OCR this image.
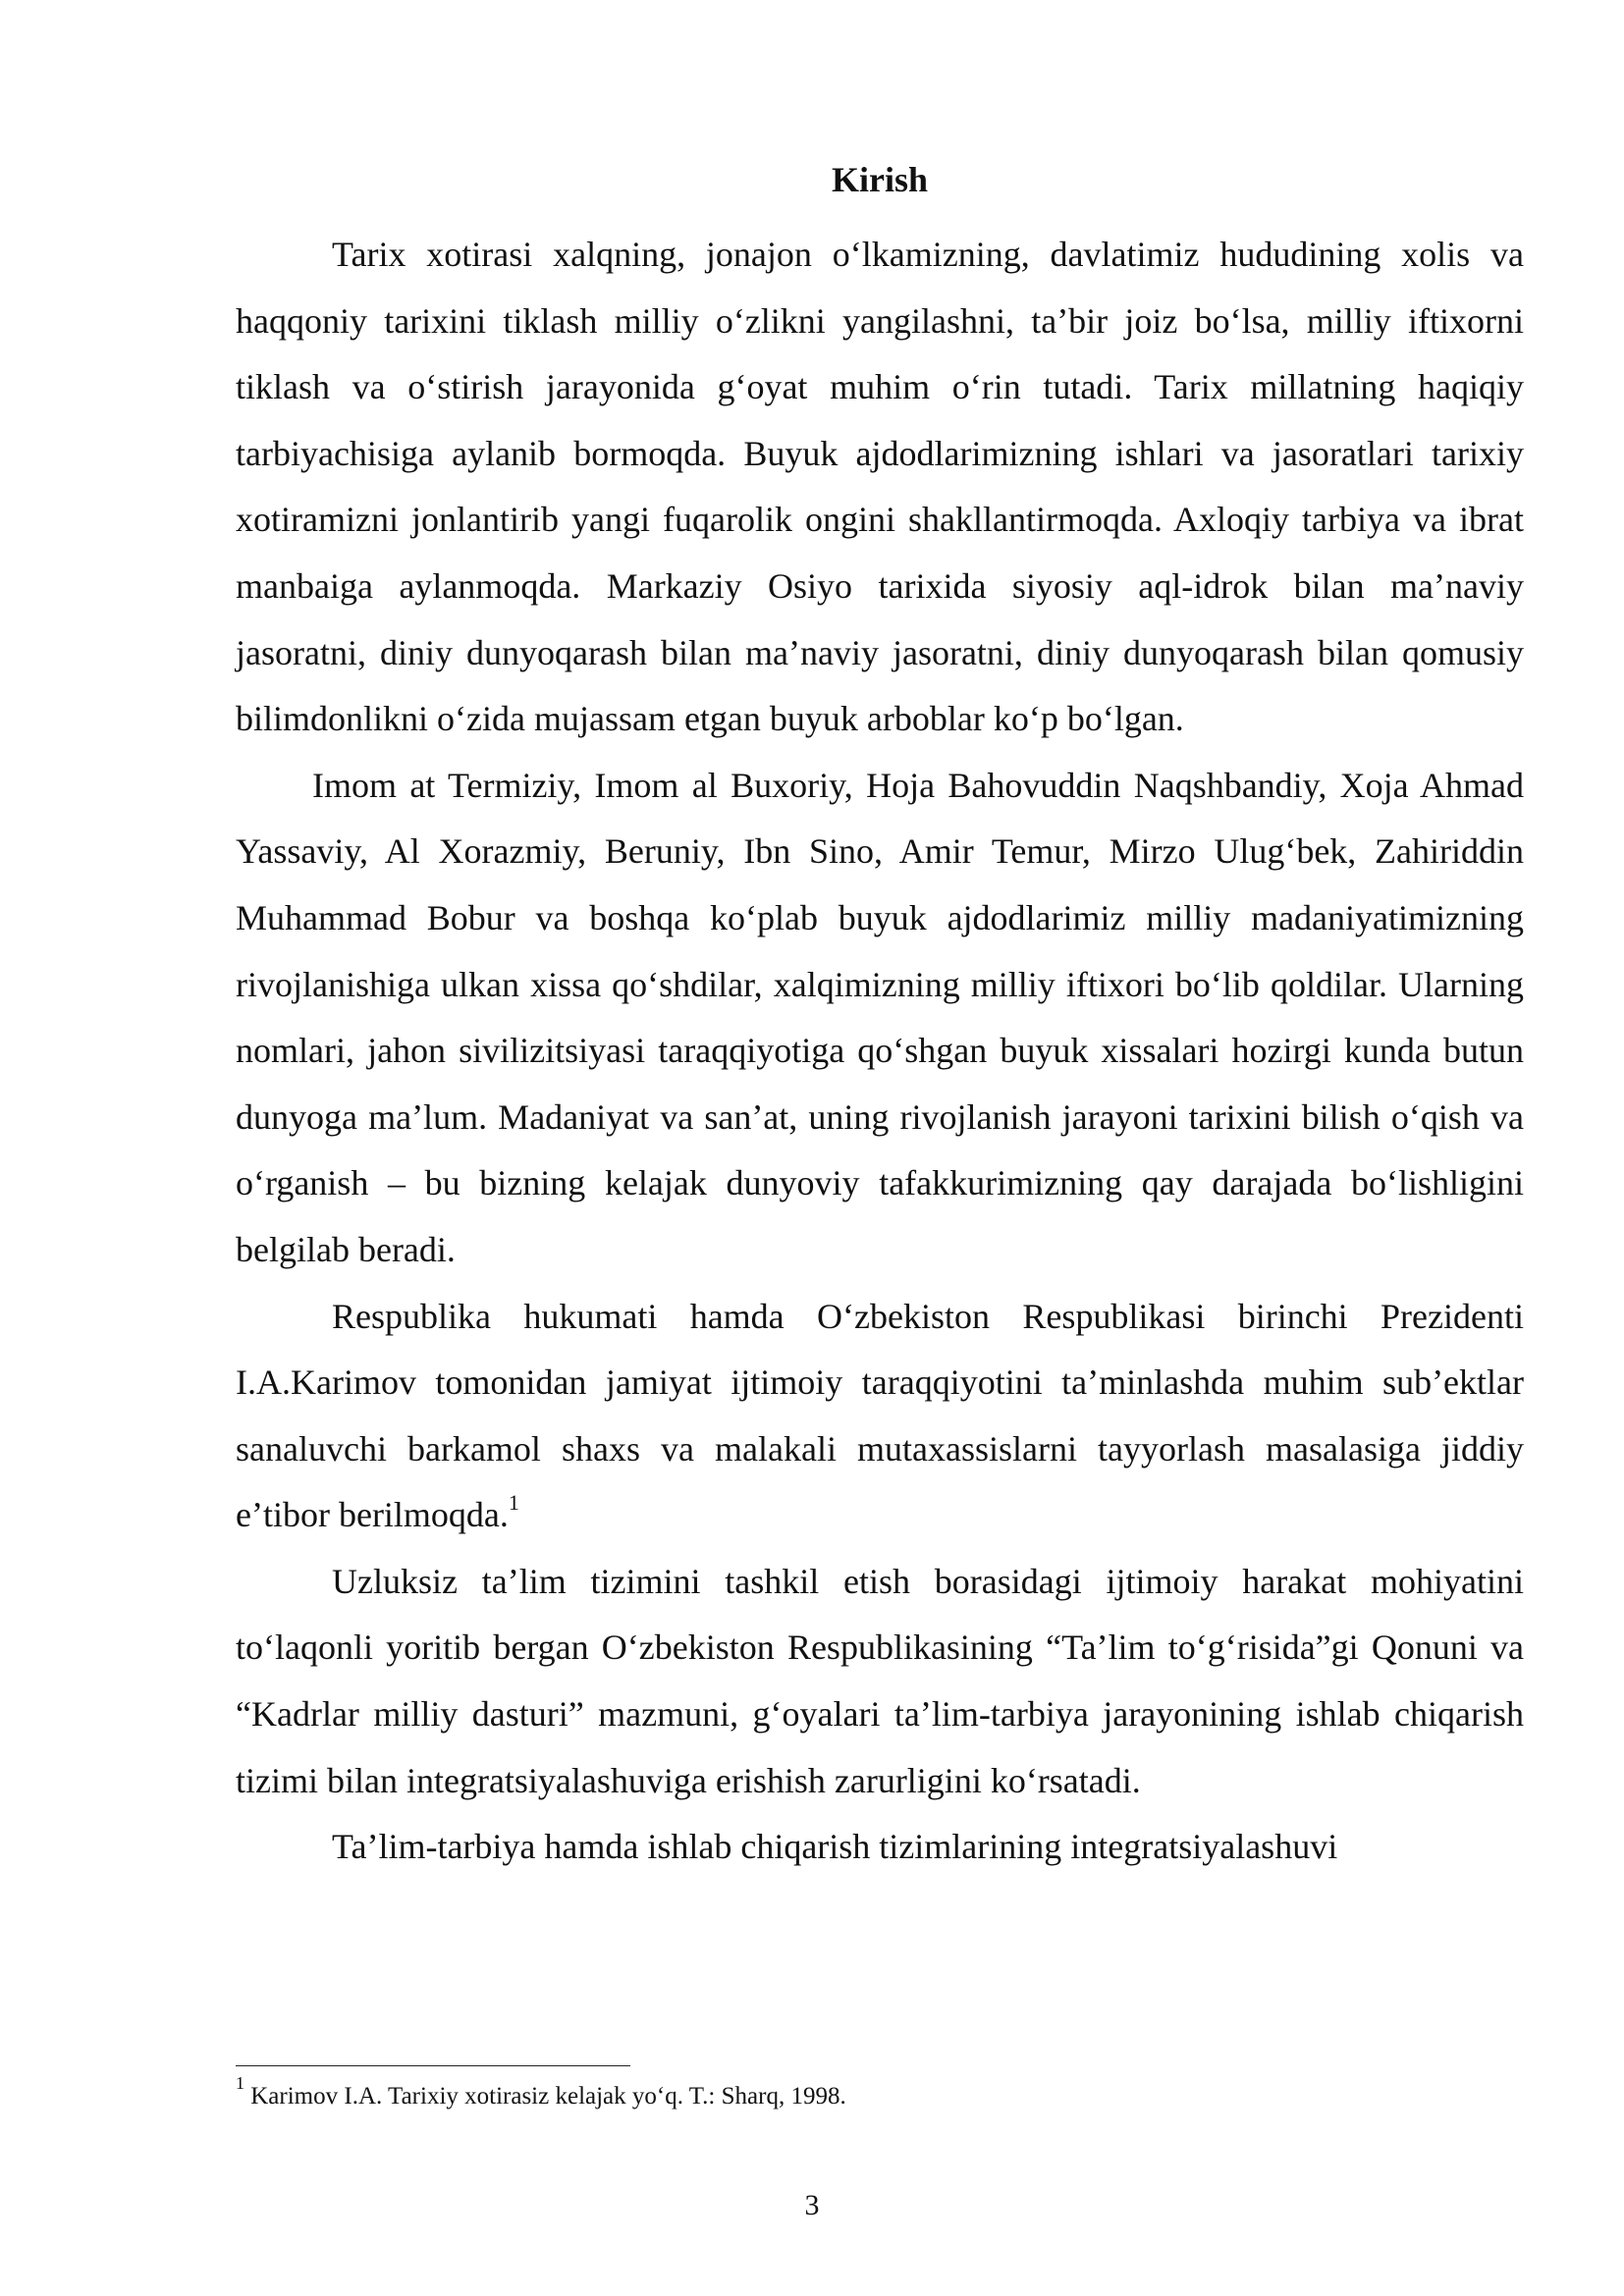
Kirish

Tarix xotirasi xalqning, jonajon oʻlkamizning, davlatimiz hududining xolis va haqqoniy tarixini tiklash milliy oʻzlikni yangilashni, taʼbir joiz boʻlsa, milliy iftixorni tiklash va oʻstirish jarayonida gʻoyat muhim oʻrin tutadi. Tarix millatning haqiqiy tarbiyachisiga aylanib bormoqda. Buyuk ajdodlarimizning ishlari va jasoratlari tarixiy xotiramizni jonlantirib yangi fuqarolik ongini shakllantirmoqda. Axloqiy tarbiya va ibrat manbaiga aylanmoqda. Markaziy Osiyo tarixida siyosiy aql-idrok bilan maʼnaviy jasoratni, diniy dunyoqarash bilan maʼnaviy jasoratni, diniy dunyoqarash bilan qomusiy bilimdonlikni oʻzida mujassam etgan buyuk arboblar koʻp boʻlgan.

Imom at Termiziy, Imom al Buxoriy, Hoja Bahovuddin Naqshbandiy, Xoja Ahmad Yassaviy, Al Xorazmiy, Beruniy, Ibn Sino, Amir Temur, Mirzo Ulugʻbek, Zahiriddin Muhammad Bobur va boshqa koʻplab buyuk ajdodlarimiz milliy madaniyatimizning rivojlanishiga ulkan xissa qoʻshdilar, xalqimizning milliy iftixori boʻlib qoldilar. Ularning nomlari, jahon sivilizitsiyasi taraqqiyotiga qoʻshgan buyuk xissalari hozirgi kunda butun dunyoga maʼlum. Madaniyat va sanʼat, uning rivojlanish jarayoni tarixini bilish oʻqish va oʻrganish – bu bizning kelajak dunyoviy tafakkurimizning qay darajada boʻlishligini belgilab beradi.

Respublika hukumati hamda Oʻzbekiston Respublikasi birinchi Prezidenti I.A.Karimov tomonidan jamiyat ijtimoiy taraqqiyotini taʼminlashda muhim subʼektlar sanaluvchi barkamol shaxs va malakali mutaxassislarni tayyorlash masalasiga jiddiy eʼtibor berilmoqda.$^1$

Uzluksiz taʼlim tizimini tashkil etish borasidagi ijtimoiy harakat mohiyatini toʻlaqonli yoritib bergan Oʻzbekiston Respublikasining “Taʼlim toʻgʻrisida”gi Qonuni va “Kadrlar milliy dasturi” mazmuni, gʻoyalari taʼlim-tarbiya jarayonining ishlab chiqarish tizimi bilan integratsiyalashuviga erishish zarurligini koʻrsatadi.

Taʼlim-tarbiya hamda ishlab chiqarish tizimlarining integratsiyalashuvi

$^1$ Karimov I.A. Tarixiy xotirasiz kelajak yoʻq. T.: Sharq, 1998.
3
